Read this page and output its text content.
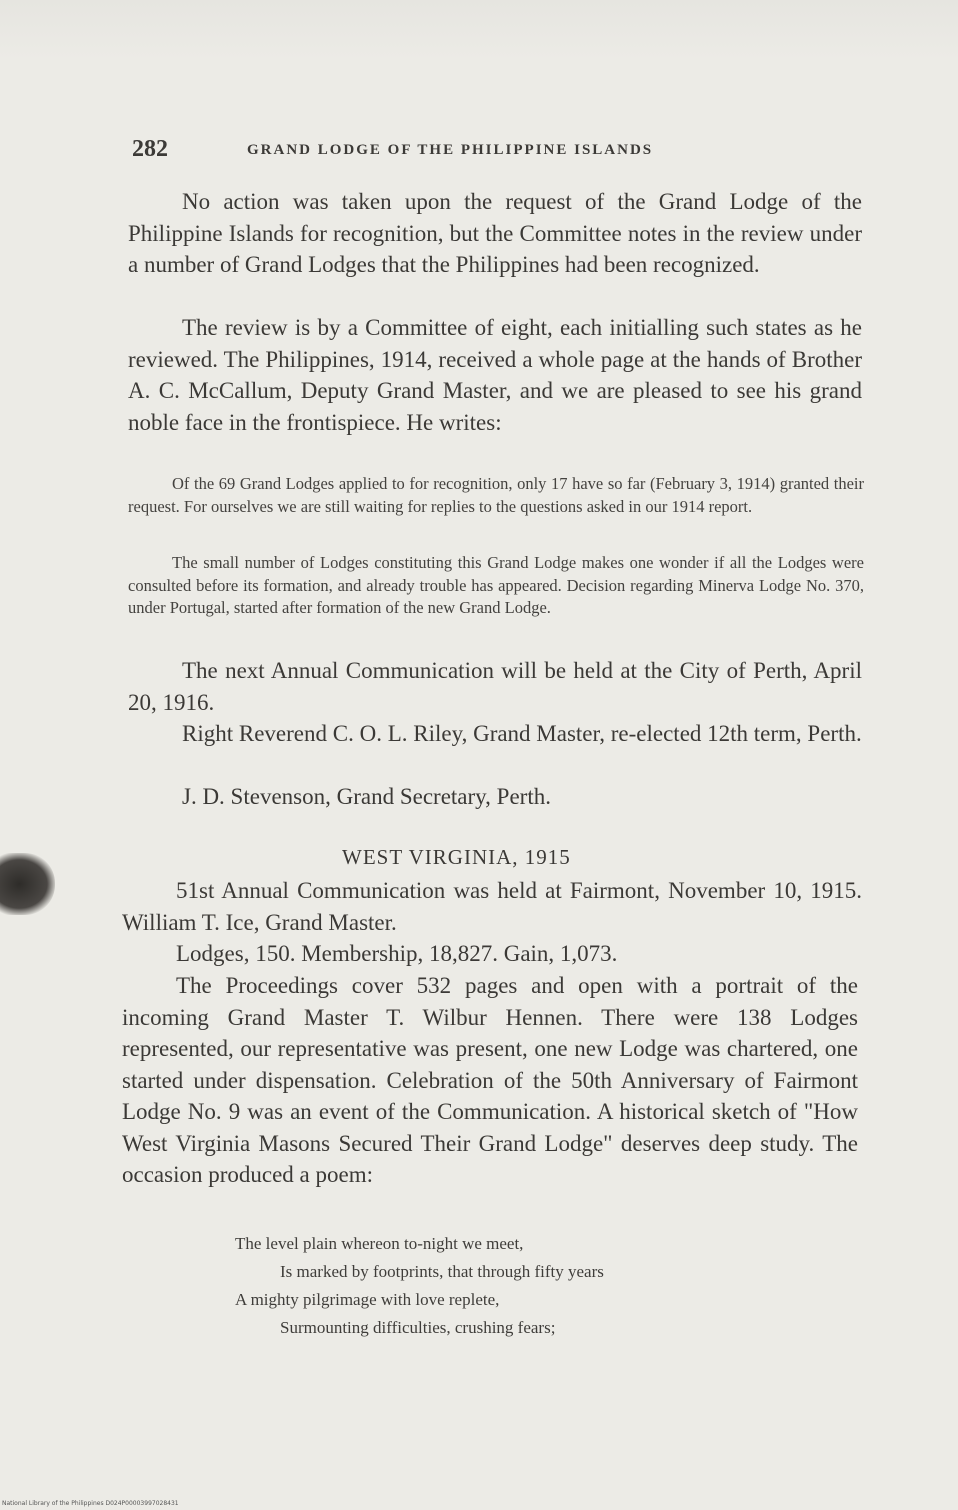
282	GRAND LODGE OF THE PHILIPPINE ISLANDS

No action was taken upon the request of the Grand Lodge of the Philippine Islands for recognition, but the Committee notes in the review under a number of Grand Lodges that the Philippines had been recognized.

The review is by a Committee of eight, each initialling such states as he reviewed. The Philippines, 1914, received a whole page at the hands of Brother A. C. McCallum, Deputy Grand Master, and we are pleased to see his grand noble face in the frontispiece. He writes:

Of the 69 Grand Lodges applied to for recognition, only 17 have so far (February 3, 1914) granted their request. For ourselves we are still waiting for replies to the questions asked in our 1914 report.

The small number of Lodges constituting this Grand Lodge makes one wonder if all the Lodges were consulted before its formation, and already trouble has appeared. Decision regarding Minerva Lodge No. 370, under Portugal, started after formation of the new Grand Lodge.

The next Annual Communication will be held at the City of Perth, April 20, 1916.

Right Reverend C. O. L. Riley, Grand Master, re-elected 12th term, Perth.

J. D. Stevenson, Grand Secretary, Perth.

WEST VIRGINIA, 1915

51st Annual Communication was held at Fairmont, November 10, 1915. William T. Ice, Grand Master.

Lodges, 150. Membership, 18,827. Gain, 1,073.

The Proceedings cover 532 pages and open with a portrait of the incoming Grand Master T. Wilbur Hennen. There were 138 Lodges represented, our representative was present, one new Lodge was chartered, one started under dispensation. Celebration of the 50th Anniversary of Fairmont Lodge No. 9 was an event of the Communication. A historical sketch of "How West Virginia Masons Secured Their Grand Lodge" deserves deep study. The occasion produced a poem:

The level plain whereon to-night we meet,
Is marked by footprints, that through fifty years
A mighty pilgrimage with love replete,
Surmounting difficulties, crushing fears;
National Library of the Philippines D024P00003997028431
